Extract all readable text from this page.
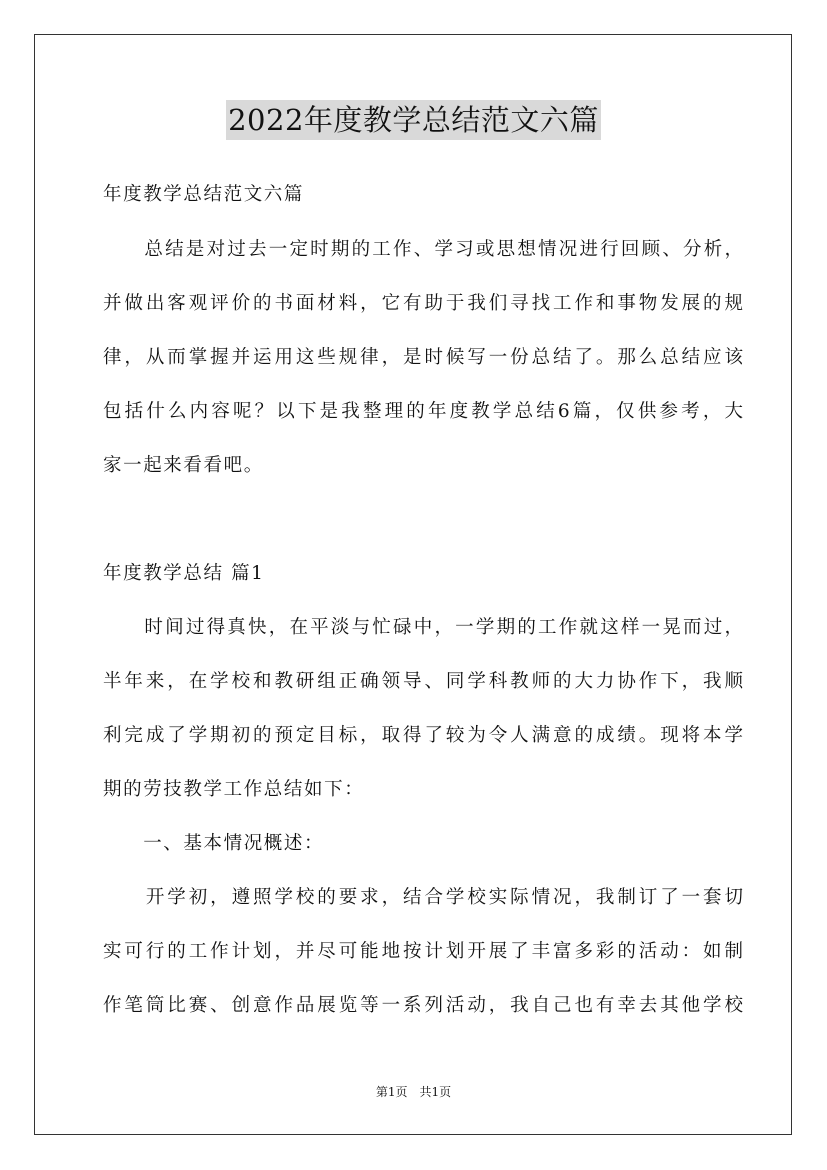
2022年度教学总结范文六篇
年度教学总结范文六篇
　　总结是对过去一定时期的工作、学习或思想情况进行回顾、分析，
并做出客观评价的书面材料，它有助于我们寻找工作和事物发展的规
律，从而掌握并运用这些规律，是时候写一份总结了。那么总结应该
包括什么内容呢？以下是我整理的年度教学总结6篇，仅供参考，大
家一起来看看吧。
年度教学总结 篇1
　　时间过得真快，在平淡与忙碌中，一学期的工作就这样一晃而过，
半年来，在学校和教研组正确领导、同学科教师的大力协作下，我顺
利完成了学期初的预定目标，取得了较为令人满意的成绩。现将本学
期的劳技教学工作总结如下：
　　一、基本情况概述：
　　开学初，遵照学校的要求，结合学校实际情况，我制订了一套切
实可行的工作计划，并尽可能地按计划开展了丰富多彩的活动：如制
作笔筒比赛、创意作品展览等一系列活动，我自己也有幸去其他学校
第1页　共1页
